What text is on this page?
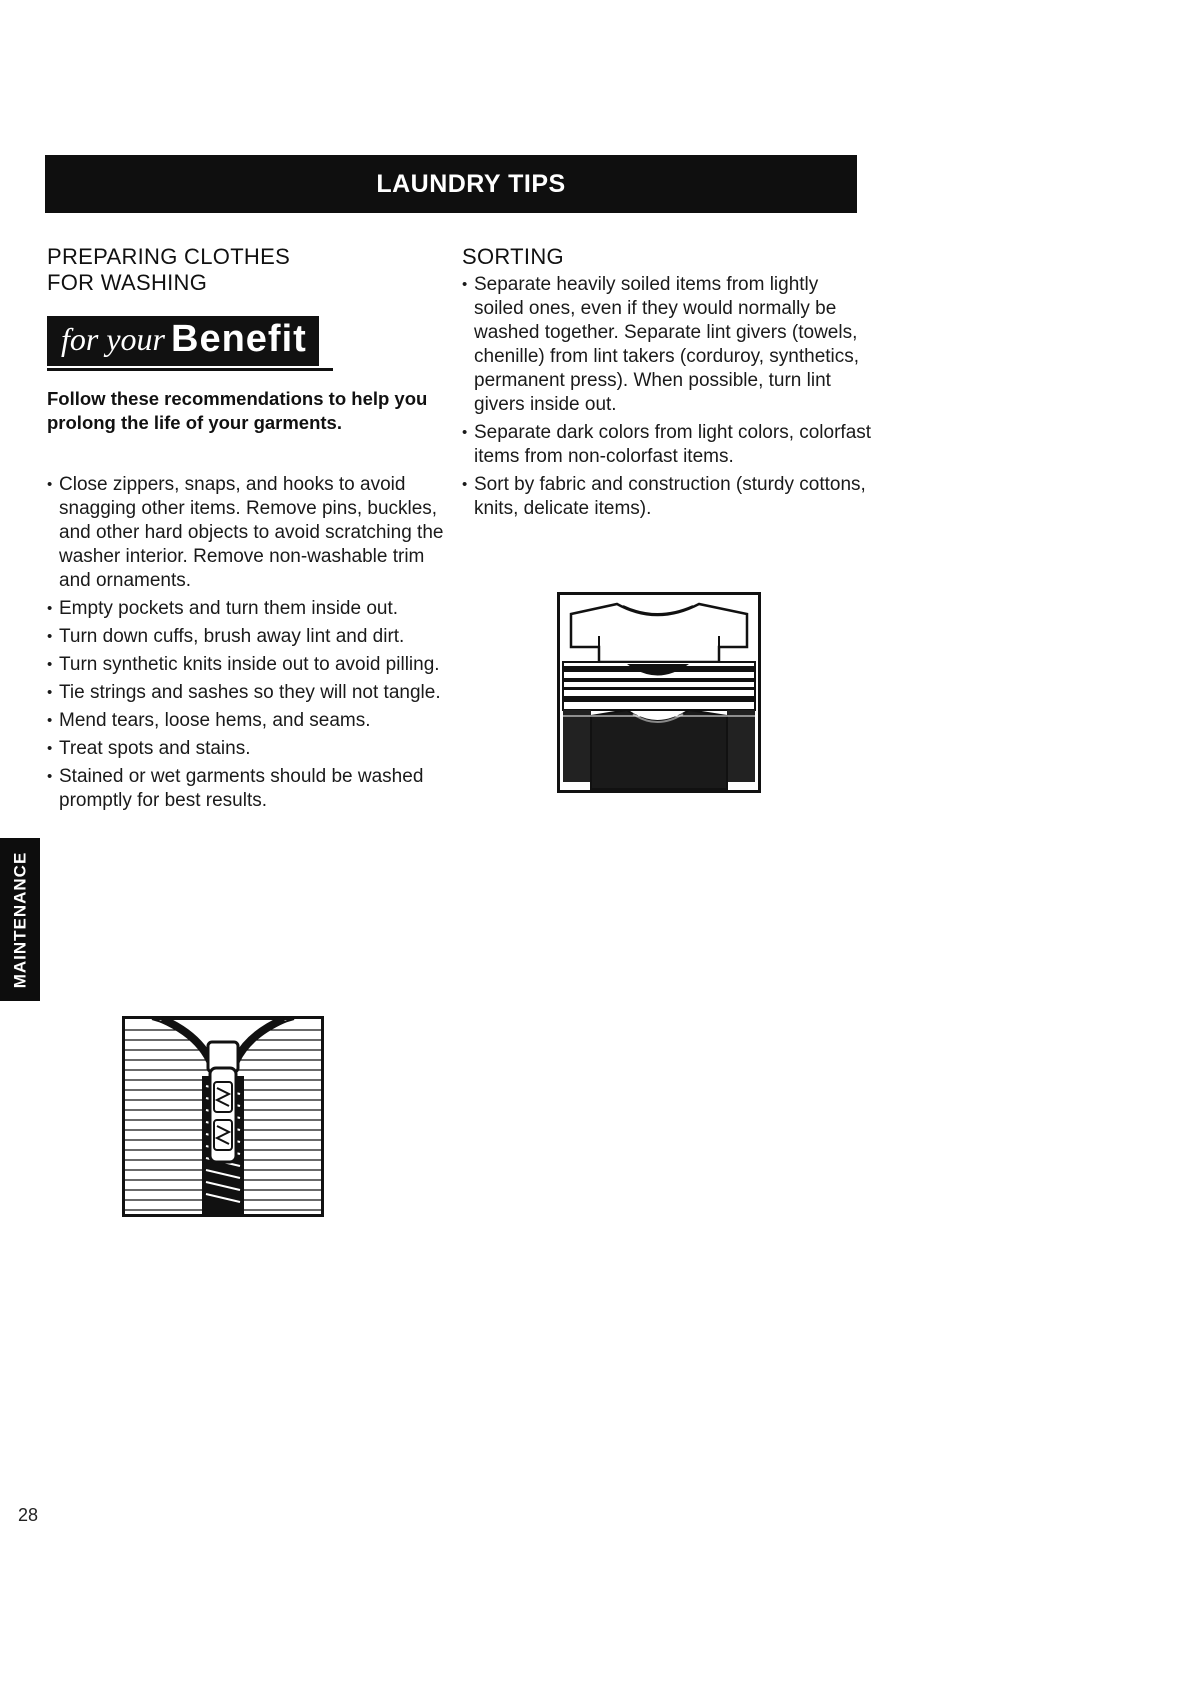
LAUNDRY TIPS
PREPARING CLOTHES
FOR WASHING
for your Benefit

Follow these recommendations to help you prolong the life of your garments.

• Close zippers, snaps, and hooks to avoid snagging other items. Remove pins, buckles, and other hard objects to avoid scratching the washer interior. Remove non-washable trim and ornaments.
• Empty pockets and turn them inside out.
• Turn down cuffs, brush away lint and dirt.
• Turn synthetic knits inside out to avoid pilling.
• Tie strings and sashes so they will not tangle.
• Mend tears, loose hems, and seams.
• Treat spots and stains.
• Stained or wet garments should be washed promptly for best results.
SORTING
• Separate heavily soiled items from lightly soiled ones, even if they would normally be washed together. Separate lint givers (towels, chenille) from lint takers (corduroy, synthetics, permanent press). When possible, turn lint givers inside out.
• Separate dark colors from light colors, colorfast items from non-colorfast items.
• Sort by fabric and construction (sturdy cottons, knits, delicate items).
MAINTENANCE
28
